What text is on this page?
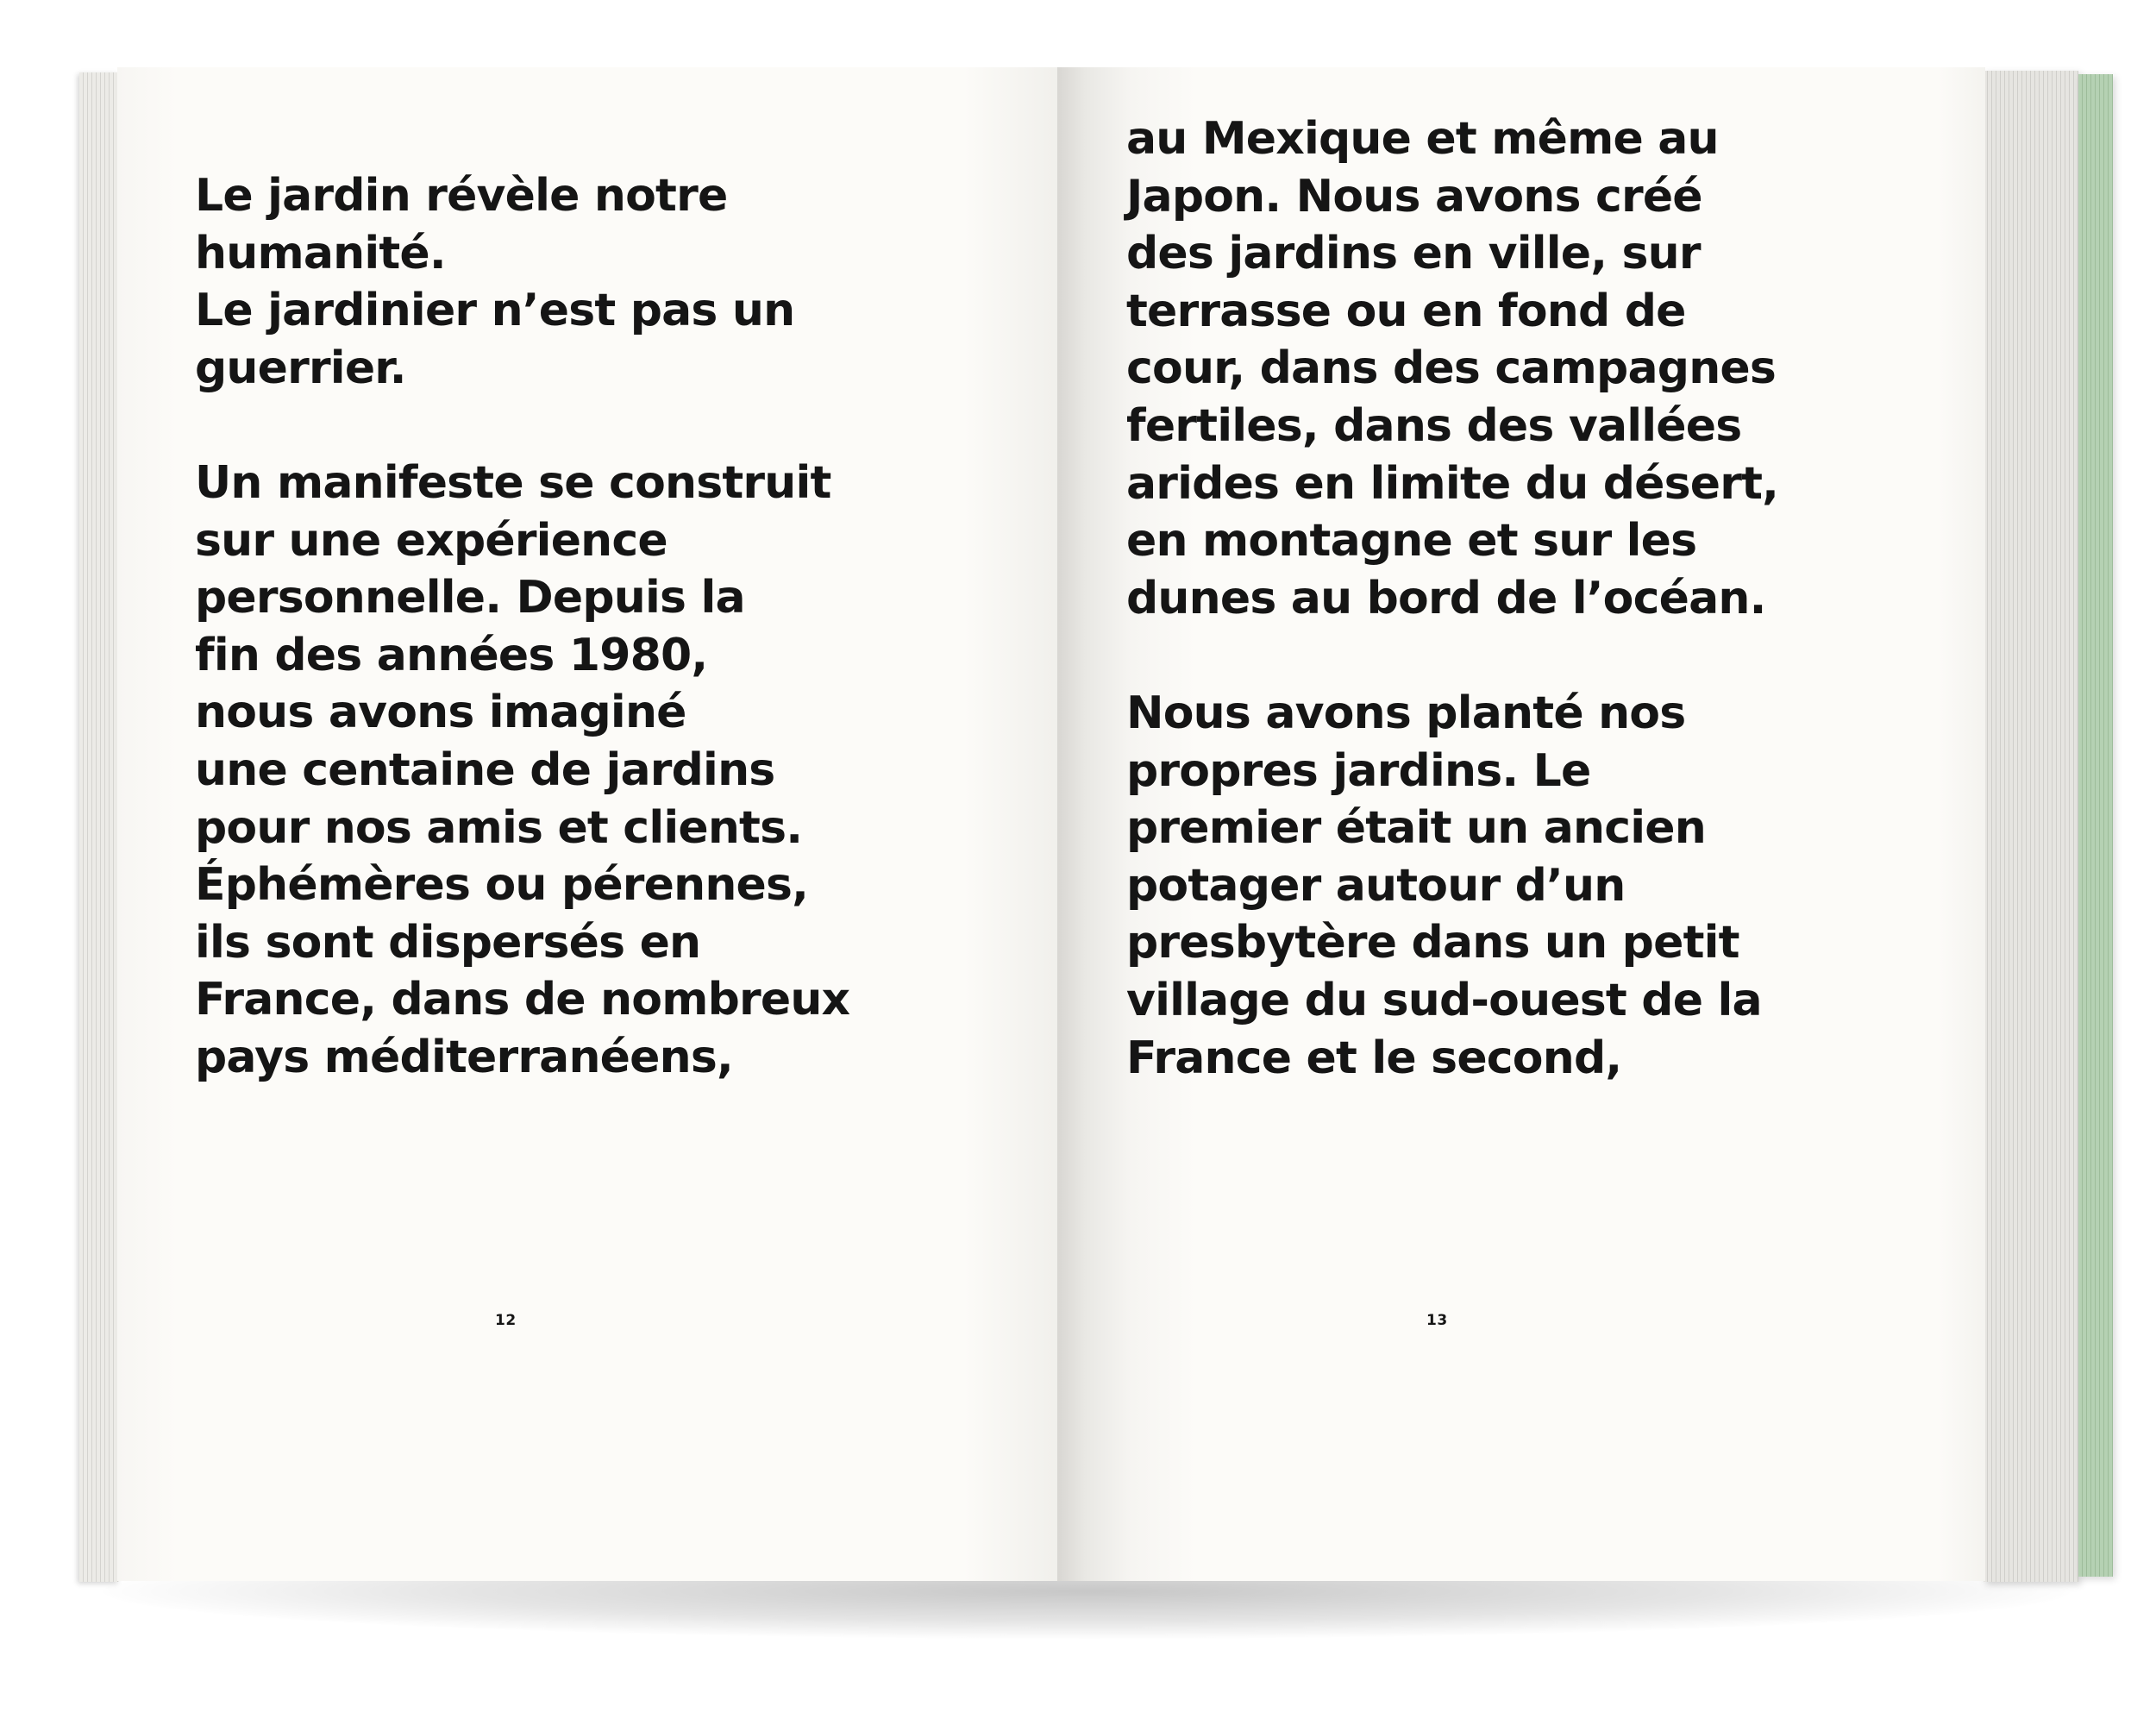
Le jardin révèle notre
humanité.
Le jardinier n’est pas un
guerrier.
Un manifeste se construit
sur une expérience
personnelle. Depuis la
fin des années 1980,
nous avons imaginé
une centaine de jardins
pour nos amis et clients.
Éphémères ou pérennes,
ils sont dispersés en
France, dans de nombreux
pays méditerranéens,
au Mexique et même au
Japon. Nous avons créé
des jardins en ville, sur
terrasse ou en fond de
cour, dans des campagnes
fertiles, dans des vallées
arides en limite du désert,
en montagne et sur les
dunes au bord de l’océan.
Nous avons planté nos
propres jardins. Le
premier était un ancien
potager autour d’un
presbytère dans un petit
village du sud-ouest de la
France et le second,
12	13
